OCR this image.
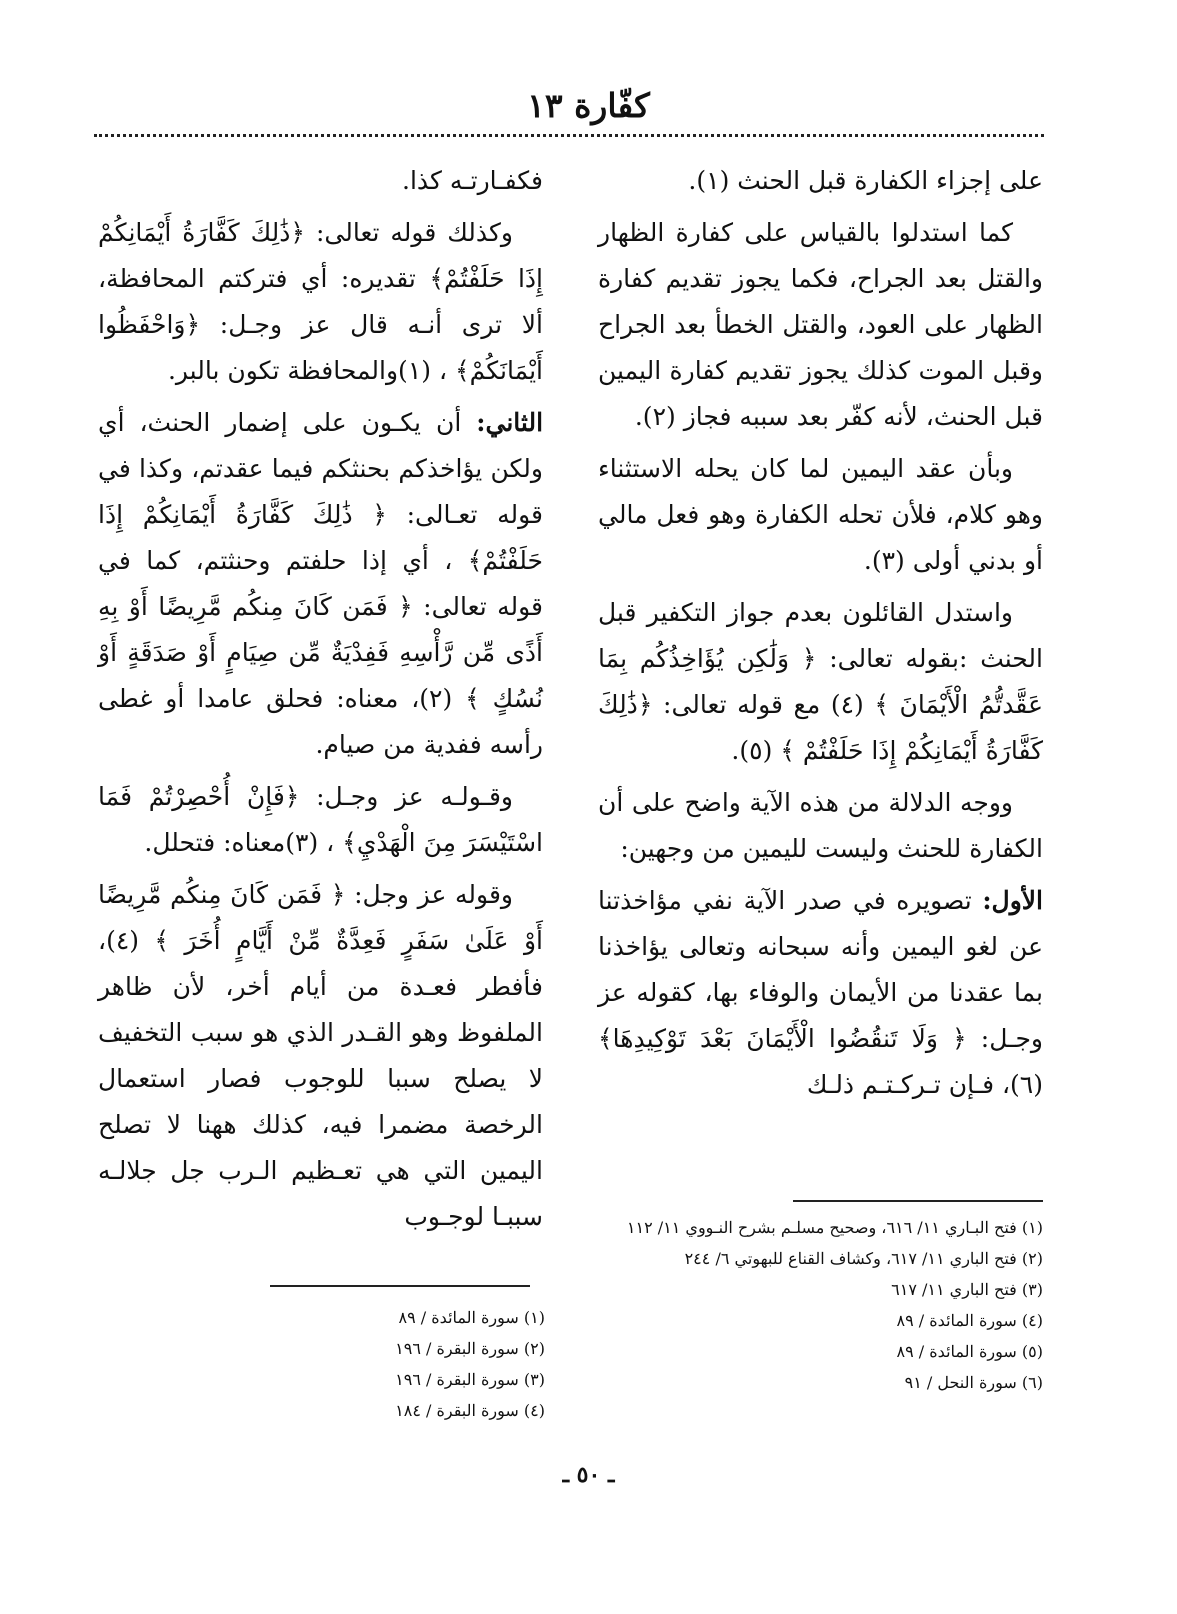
كفّارة ١٣

على إجزاء الكفارة قبل الحنث (١).

كما استدلوا بالقياس على كفارة الظهار والقتل بعد الجراح، فكما يجوز تقديم كفارة الظهار على العود، والقتل الخطأ بعد الجراح وقبل الموت كذلك يجوز تقديم كفارة اليمين قبل الحنث، لأنه كفّر بعد سببه فجاز (٢).

وبأن عقد اليمين لما كان يحله الاستثناء وهو كلام، فلأن تحله الكفارة وهو فعل مالي أو بدني أولى (٣).

واستدل القائلون بعدم جواز التكفير قبل الحنث :بقوله تعالى: ﴿ وَلَٰكِن يُؤَاخِذُكُم بِمَا عَقَّدتُّمُ الْأَيْمَانَ ﴾ (٤) مع قوله تعالى: ﴿ذَٰلِكَ كَفَّارَةُ أَيْمَانِكُمْ إِذَا حَلَفْتُمْ ﴾ (٥).

ووجه الدلالة من هذه الآية واضح على أن الكفارة للحنث وليست لليمين من وجهين:

الأول: تصويره في صدر الآية نفي مؤاخذتنا عن لغو اليمين وأنه سبحانه وتعالى يؤاخذنا بما عقدنا من الأيمان والوفاء بها، كقوله عز وجـل: ﴿ وَلَا تَنقُضُوا الْأَيْمَانَ بَعْدَ تَوْكِيدِهَا﴾ (٦)، فـإن تـركـتـم ذلـك

فكفـارتـه كذا.

وكذلك قوله تعالى: ﴿ذَٰلِكَ كَفَّارَةُ أَيْمَانِكُمْ إِذَا حَلَفْتُمْ﴾ تقديره: أي فتركتم المحافظة، ألا ترى أنـه قال عز وجـل: ﴿وَاحْفَظُوا أَيْمَانَكُمْ﴾ ، (١)والمحافظة تكون بالبر.

الثاني: أن يكـون على إضمار الحنث، أي ولكن يؤاخذكم بحنثكم فيما عقدتم، وكذا في قوله تعـالى: ﴿ ذَٰلِكَ كَفَّارَةُ أَيْمَانِكُمْ إِذَا حَلَفْتُمْ﴾ ، أي إذا حلفتم وحنثتم، كما في قوله تعالى: ﴿ فَمَن كَانَ مِنكُم مَّرِيضًا أَوْ بِهِ أَذًى مِّن رَّأْسِهِ فَفِدْيَةٌ مِّن صِيَامٍ أَوْ صَدَقَةٍ أَوْ نُسُكٍ ﴾ (٢)، معناه: فحلق عامدا أو غطى رأسه ففدية من صيام.

وقـولـه عز وجـل: ﴿فَإِنْ أُحْصِرْتُمْ فَمَا اسْتَيْسَرَ مِنَ الْهَدْيِ﴾ ، (٣)معناه: فتحلل.

وقوله عز وجل: ﴿ فَمَن كَانَ مِنكُم مَّرِيضًا أَوْ عَلَىٰ سَفَرٍ فَعِدَّةٌ مِّنْ أَيَّامٍ أُخَرَ ﴾ (٤)، فأفطر فعـدة من أيام أخر، لأن ظاهر الملفوظ وهو القـدر الذي هو سبب التخفيف لا يصلح سببا للوجوب فصار استعمال الرخصة مضمرا فيه، كذلك ههنا لا تصلح اليمين التي هي تعـظيم الـرب جل جلالـه سببـا لوجـوب	(١) فتح البـاري ١١/ ٦١٦، وصحيح مسلـم بشرح النـووي ١١/ ١١٢

(٢) فتح الباري ١١/ ٦١٧، وكشاف القناع للبهوتي ٦/ ٢٤٤

(٣) فتح الباري ١١/ ٦١٧

(٤) سورة المائدة / ٨٩

(٥) سورة المائدة / ٨٩

(٦) سورة النحل / ٩١

(١) سورة المائدة / ٨٩

(٢) سورة البقرة / ١٩٦

(٣) سورة البقرة / ١٩٦

(٤) سورة البقرة / ١٨٤

ـ ٥٠ ـ
